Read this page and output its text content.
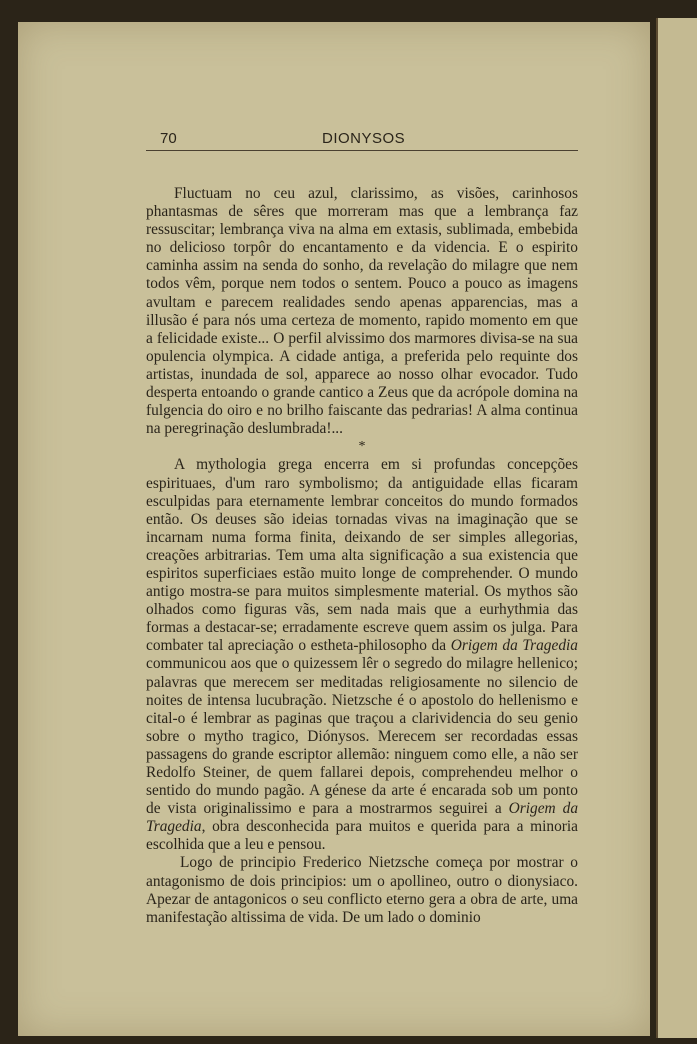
70	DIONYSOS

Fluctuam no ceu azul, clarissimo, as visões, carinhosos phantasmas de sêres que morreram mas que a lembrança faz ressuscitar; lembrança viva na alma em extasis, sublimada, embebida no delicioso torpôr do encantamento e da videncia. E o espirito caminha assim na senda do sonho, da revelação do milagre que nem todos vêm, porque nem todos o sentem. Pouco a pouco as imagens avultam e parecem realidades sendo apenas apparencias, mas a illusão é para nós uma certeza de momento, rapido momento em que a felicidade existe... O perfil alvissimo dos marmores divisa-se na sua opulencia olympica. A cidade antiga, a preferida pelo requinte dos artistas, inundada de sol, apparece ao nosso olhar evocador. Tudo desperta entoando o grande cantico a Zeus que da acrópole domina na fulgencia do oiro e no brilho faiscante das pedrarias! A alma continua na peregrinação deslumbrada!...

*

A mythologia grega encerra em si profundas concepções espirituaes, d'um raro symbolismo; da antiguidade ellas ficaram esculpidas para eternamente lembrar conceitos do mundo formados então. Os deuses são ideias tornadas vivas na imaginação que se incarnam numa forma finita, deixando de ser simples allegorias, creações arbitrarias. Tem uma alta significação a sua existencia que espiritos superficiaes estão muito longe de comprehender. O mundo antigo mostra-se para muitos simplesmente material. Os mythos são olhados como figuras vãs, sem nada mais que a eurhythmia das formas a destacar-se; erradamente escreve quem assim os julga. Para combater tal apreciação o estheta-philosopho da Origem da Tragedia communicou aos que o quizessem lêr o segredo do milagre hellenico; palavras que merecem ser meditadas religiosamente no silencio de noites de intensa lucubração. Nietzsche é o apostolo do hellenismo e cital-o é lembrar as paginas que traçou a clarividencia do seu genio sobre o mytho tragico, Diónysos. Merecem ser recordadas essas passagens do grande escriptor allemão: ninguem como elle, a não ser Redolfo Steiner, de quem fallarei depois, comprehendeu melhor o sentido do mundo pagão. A génese da arte é encarada sob um ponto de vista originalissimo e para a mostrarmos seguirei a Origem da Tragedia, obra desconhecida para muitos e querida para a minoria escolhida que a leu e pensou.

Logo de principio Frederico Nietzsche começa por mostrar o antagonismo de dois principios: um o apollineo, outro o dionysiaco. Apezar de antagonicos o seu conflicto eterno gera a obra de arte, uma manifestação altissima de vida. De um lado o dominio
